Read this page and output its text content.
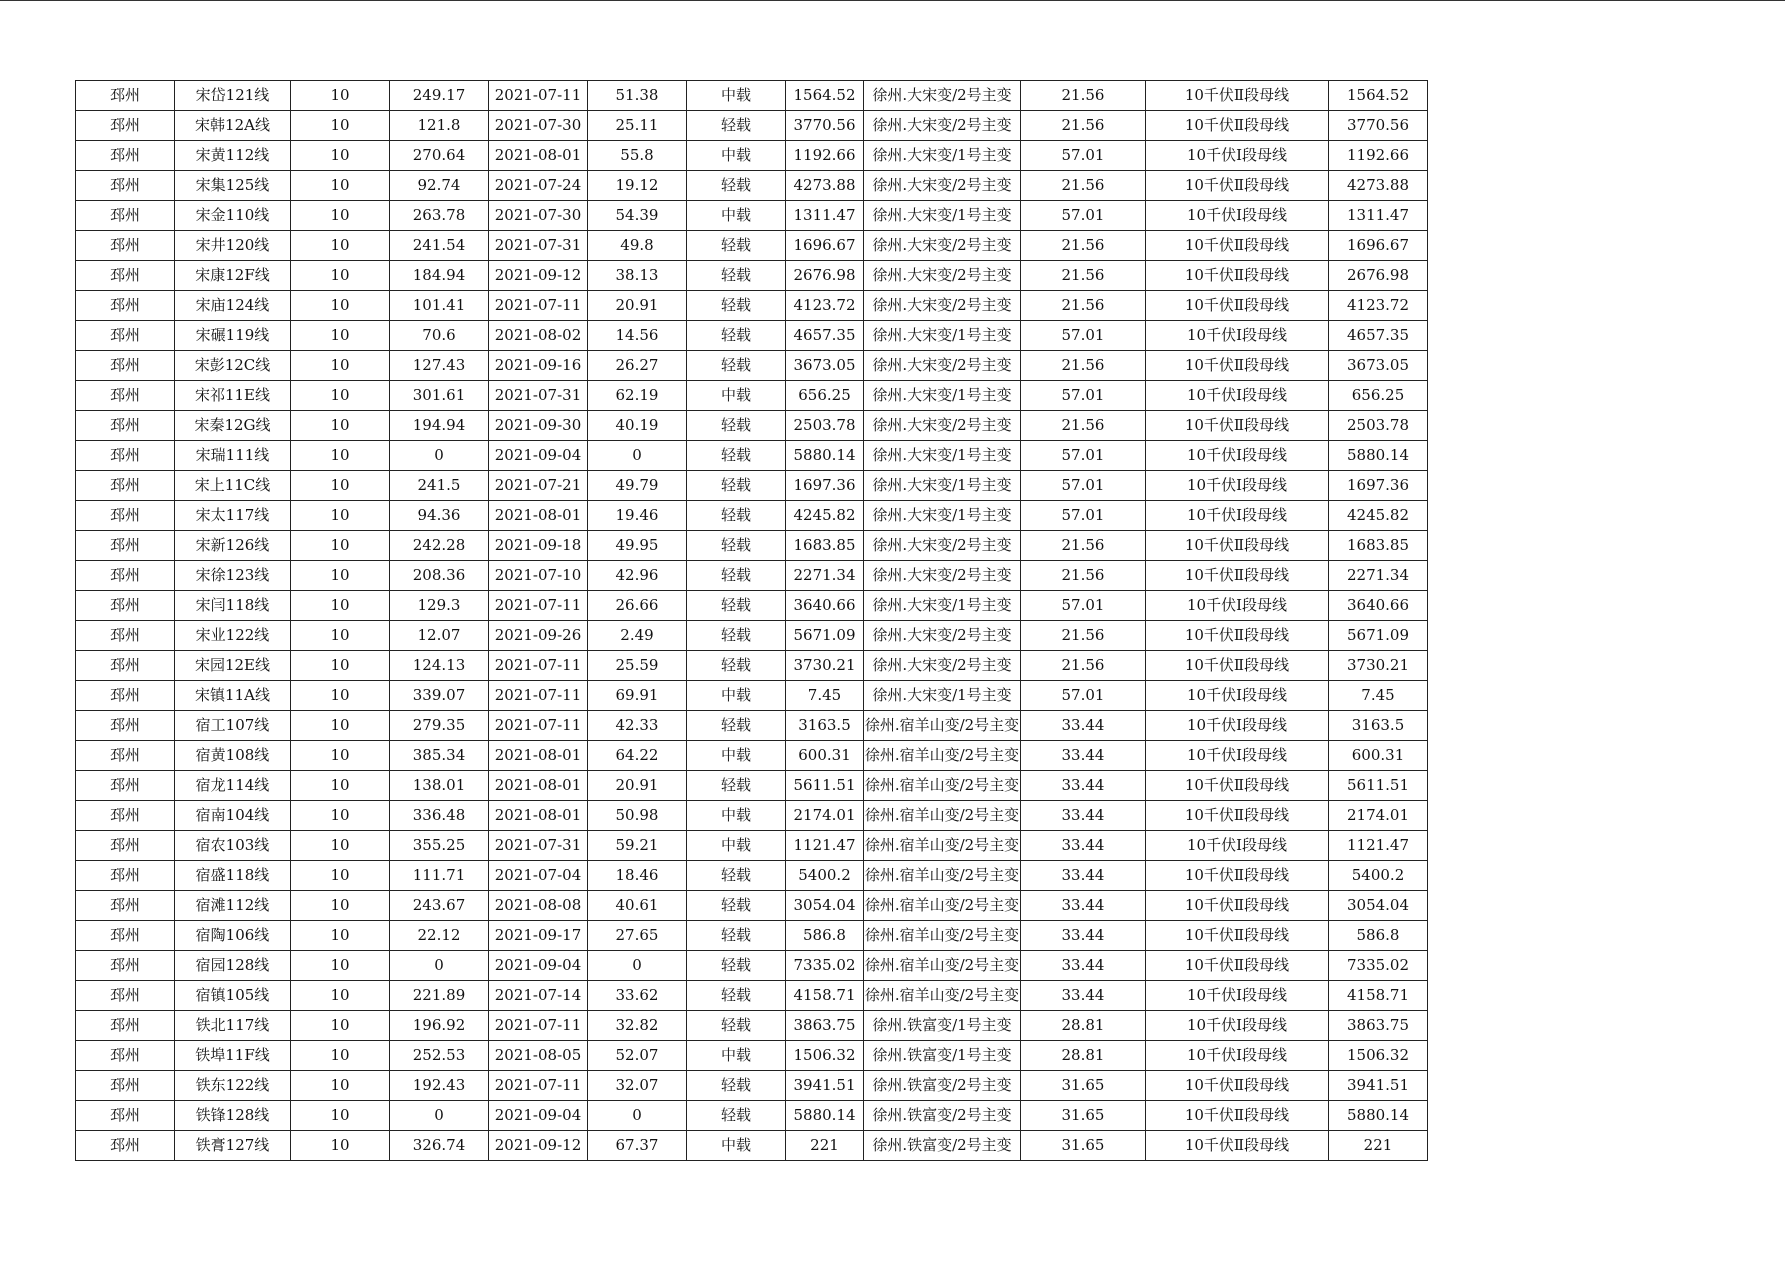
邳州	宋岱121线	10	249.17	2021-07-11	51.38	中载	1564.52	徐州.大宋变/2号主变	21.56	10千伏Ⅱ段母线	1564.52
邳州	宋韩12A线	10	121.8	2021-07-30	25.11	轻载	3770.56	徐州.大宋变/2号主变	21.56	10千伏Ⅱ段母线	3770.56
邳州	宋黄112线	10	270.64	2021-08-01	55.8	中载	1192.66	徐州.大宋变/1号主变	57.01	10千伏Ⅰ段母线	1192.66
邳州	宋集125线	10	92.74	2021-07-24	19.12	轻载	4273.88	徐州.大宋变/2号主变	21.56	10千伏Ⅱ段母线	4273.88
邳州	宋金110线	10	263.78	2021-07-30	54.39	中载	1311.47	徐州.大宋变/1号主变	57.01	10千伏Ⅰ段母线	1311.47
邳州	宋井120线	10	241.54	2021-07-31	49.8	轻载	1696.67	徐州.大宋变/2号主变	21.56	10千伏Ⅱ段母线	1696.67
邳州	宋康12F线	10	184.94	2021-09-12	38.13	轻载	2676.98	徐州.大宋变/2号主变	21.56	10千伏Ⅱ段母线	2676.98
邳州	宋庙124线	10	101.41	2021-07-11	20.91	轻载	4123.72	徐州.大宋变/2号主变	21.56	10千伏Ⅱ段母线	4123.72
邳州	宋碾119线	10	70.6	2021-08-02	14.56	轻载	4657.35	徐州.大宋变/1号主变	57.01	10千伏Ⅰ段母线	4657.35
邳州	宋彭12C线	10	127.43	2021-09-16	26.27	轻载	3673.05	徐州.大宋变/2号主变	21.56	10千伏Ⅱ段母线	3673.05
邳州	宋祁11E线	10	301.61	2021-07-31	62.19	中载	656.25	徐州.大宋变/1号主变	57.01	10千伏Ⅰ段母线	656.25
邳州	宋秦12G线	10	194.94	2021-09-30	40.19	轻载	2503.78	徐州.大宋变/2号主变	21.56	10千伏Ⅱ段母线	2503.78
邳州	宋瑞111线	10	0	2021-09-04	0	轻载	5880.14	徐州.大宋变/1号主变	57.01	10千伏Ⅰ段母线	5880.14
邳州	宋上11C线	10	241.5	2021-07-21	49.79	轻载	1697.36	徐州.大宋变/1号主变	57.01	10千伏Ⅰ段母线	1697.36
邳州	宋太117线	10	94.36	2021-08-01	19.46	轻载	4245.82	徐州.大宋变/1号主变	57.01	10千伏Ⅰ段母线	4245.82
邳州	宋新126线	10	242.28	2021-09-18	49.95	轻载	1683.85	徐州.大宋变/2号主变	21.56	10千伏Ⅱ段母线	1683.85
邳州	宋徐123线	10	208.36	2021-07-10	42.96	轻载	2271.34	徐州.大宋变/2号主变	21.56	10千伏Ⅱ段母线	2271.34
邳州	宋闫118线	10	129.3	2021-07-11	26.66	轻载	3640.66	徐州.大宋变/1号主变	57.01	10千伏Ⅰ段母线	3640.66
邳州	宋业122线	10	12.07	2021-09-26	2.49	轻载	5671.09	徐州.大宋变/2号主变	21.56	10千伏Ⅱ段母线	5671.09
邳州	宋园12E线	10	124.13	2021-07-11	25.59	轻载	3730.21	徐州.大宋变/2号主变	21.56	10千伏Ⅱ段母线	3730.21
邳州	宋镇11A线	10	339.07	2021-07-11	69.91	中载	7.45	徐州.大宋变/1号主变	57.01	10千伏Ⅰ段母线	7.45
邳州	宿工107线	10	279.35	2021-07-11	42.33	轻载	3163.5	徐州.宿羊山变/2号主变	33.44	10千伏Ⅰ段母线	3163.5
邳州	宿黄108线	10	385.34	2021-08-01	64.22	中载	600.31	徐州.宿羊山变/2号主变	33.44	10千伏Ⅰ段母线	600.31
邳州	宿龙114线	10	138.01	2021-08-01	20.91	轻载	5611.51	徐州.宿羊山变/2号主变	33.44	10千伏Ⅱ段母线	5611.51
邳州	宿南104线	10	336.48	2021-08-01	50.98	中载	2174.01	徐州.宿羊山变/2号主变	33.44	10千伏Ⅱ段母线	2174.01
邳州	宿农103线	10	355.25	2021-07-31	59.21	中载	1121.47	徐州.宿羊山变/2号主变	33.44	10千伏Ⅰ段母线	1121.47
邳州	宿盛118线	10	111.71	2021-07-04	18.46	轻载	5400.2	徐州.宿羊山变/2号主变	33.44	10千伏Ⅱ段母线	5400.2
邳州	宿滩112线	10	243.67	2021-08-08	40.61	轻载	3054.04	徐州.宿羊山变/2号主变	33.44	10千伏Ⅱ段母线	3054.04
邳州	宿陶106线	10	22.12	2021-09-17	27.65	轻载	586.8	徐州.宿羊山变/2号主变	33.44	10千伏Ⅱ段母线	586.8
邳州	宿园128线	10	0	2021-09-04	0	轻载	7335.02	徐州.宿羊山变/2号主变	33.44	10千伏Ⅱ段母线	7335.02
邳州	宿镇105线	10	221.89	2021-07-14	33.62	轻载	4158.71	徐州.宿羊山变/2号主变	33.44	10千伏Ⅰ段母线	4158.71
邳州	铁北117线	10	196.92	2021-07-11	32.82	轻载	3863.75	徐州.铁富变/1号主变	28.81	10千伏Ⅰ段母线	3863.75
邳州	铁埠11F线	10	252.53	2021-08-05	52.07	中载	1506.32	徐州.铁富变/1号主变	28.81	10千伏Ⅰ段母线	1506.32
邳州	铁东122线	10	192.43	2021-07-11	32.07	轻载	3941.51	徐州.铁富变/2号主变	31.65	10千伏Ⅱ段母线	3941.51
邳州	铁锋128线	10	0	2021-09-04	0	轻载	5880.14	徐州.铁富变/2号主变	31.65	10千伏Ⅱ段母线	5880.14
邳州	铁膏127线	10	326.74	2021-09-12	67.37	中载	221	徐州.铁富变/2号主变	31.65	10千伏Ⅱ段母线	221
